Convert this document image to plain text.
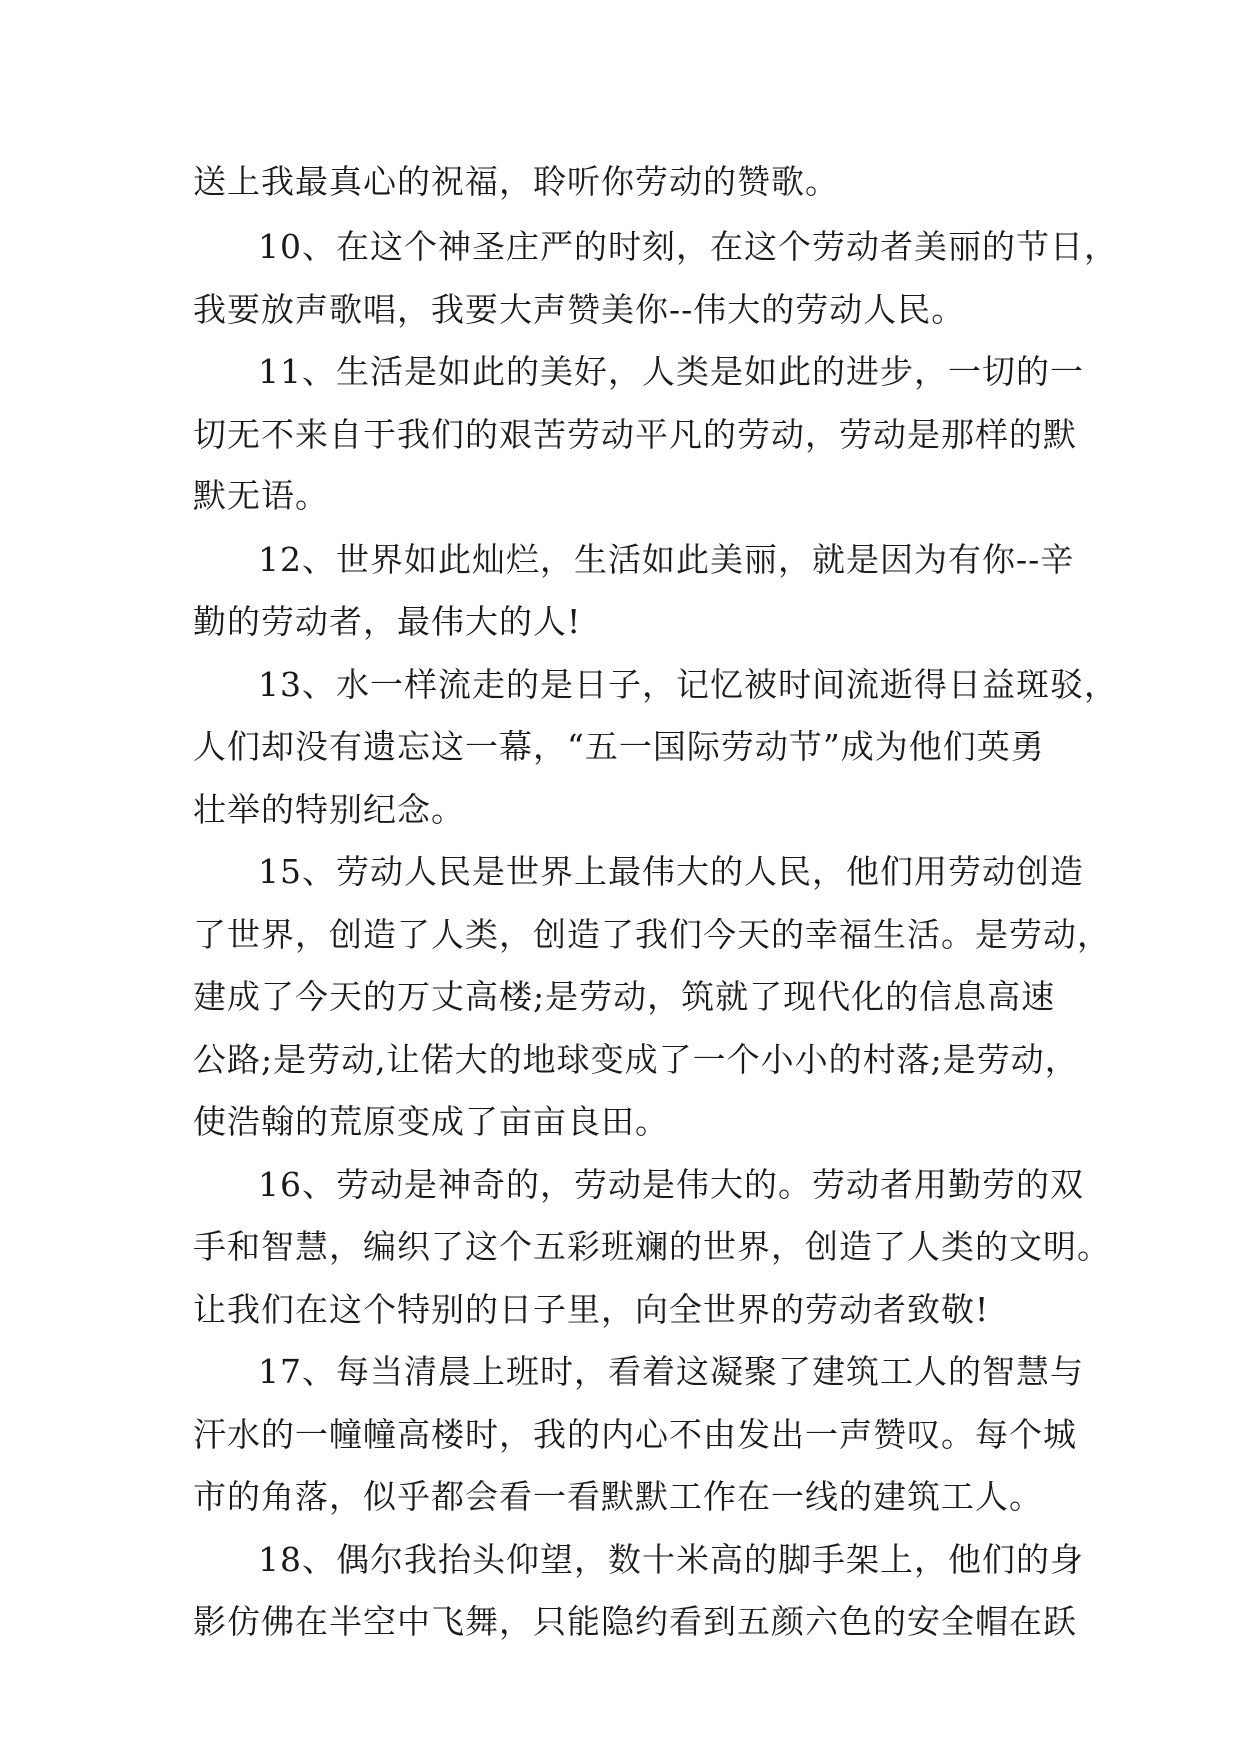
送上我最真心的祝福，聆听你劳动的赞歌。
10、在这个神圣庄严的时刻，在这个劳动者美丽的节日，
我要放声歌唱，我要大声赞美你--伟大的劳动人民。
11、生活是如此的美好，人类是如此的进步，一切的一
切无不来自于我们的艰苦劳动平凡的劳动，劳动是那样的默
默无语。
12、世界如此灿烂，生活如此美丽，就是因为有你--辛
勤的劳动者，最伟大的人!
13、水一样流走的是日子，记忆被时间流逝得日益斑驳，
人们却没有遗忘这一幕，“五一国际劳动节”成为他们英勇
壮举的特别纪念。
15、劳动人民是世界上最伟大的人民，他们用劳动创造
了世界，创造了人类，创造了我们今天的幸福生活。是劳动，
建成了今天的万丈高楼;是劳动，筑就了现代化的信息高速
公路;是劳动,让偌大的地球变成了一个小小的村落;是劳动，
使浩翰的荒原变成了亩亩良田。
16、劳动是神奇的，劳动是伟大的。劳动者用勤劳的双
手和智慧，编织了这个五彩班斓的世界，创造了人类的文明。
让我们在这个特别的日子里，向全世界的劳动者致敬!
17、每当清晨上班时，看着这凝聚了建筑工人的智慧与
汗水的一幢幢高楼时，我的内心不由发出一声赞叹。每个城
市的角落，似乎都会看一看默默工作在一线的建筑工人。
18、偶尔我抬头仰望，数十米高的脚手架上，他们的身
影仿佛在半空中飞舞，只能隐约看到五颜六色的安全帽在跃
